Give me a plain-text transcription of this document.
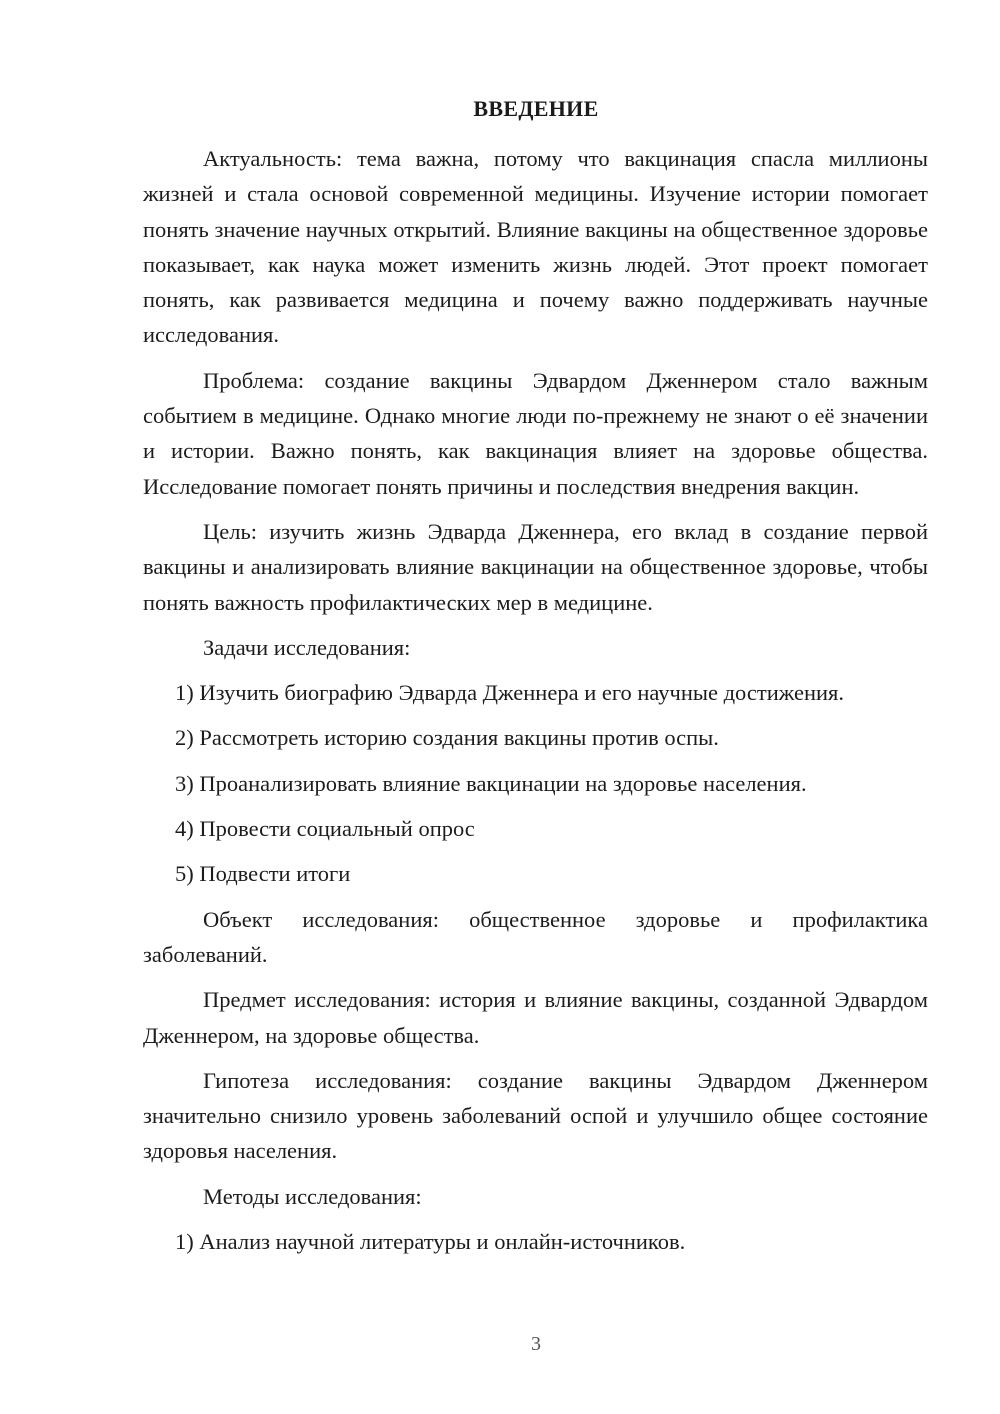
ВВЕДЕНИЕ

Актуальность: тема важна, потому что вакцинация спасла миллионы жизней и стала основой современной медицины. Изучение истории помогает понять значение научных открытий. Влияние вакцины на общественное здоровье показывает, как наука может изменить жизнь людей. Этот проект помогает понять, как развивается медицина и почему важно поддерживать научные исследования.

Проблема: создание вакцины Эдвардом Дженнером стало важным событием в медицине. Однако многие люди по-прежнему не знают о её значении и истории. Важно понять, как вакцинация влияет на здоровье общества. Исследование помогает понять причины и последствия внедрения вакцин.

Цель: изучить жизнь Эдварда Дженнера, его вклад в создание первой вакцины и анализировать влияние вакцинации на общественное здоровье, чтобы понять важность профилактических мер в медицине.

Задачи исследования:

1) Изучить биографию Эдварда Дженнера и его научные достижения.

2) Рассмотреть историю создания вакцины против оспы.

3) Проанализировать влияние вакцинации на здоровье населения.

4) Провести социальный опрос

5) Подвести итоги

Объект исследования: общественное здоровье и профилактика заболеваний.

Предмет исследования: история и влияние вакцины, созданной Эдвардом Дженнером, на здоровье общества.

Гипотеза исследования: создание вакцины Эдвардом Дженнером значительно снизило уровень заболеваний оспой и улучшило общее состояние здоровья населения.

Методы исследования:

1) Анализ научной литературы и онлайн-источников.

3
